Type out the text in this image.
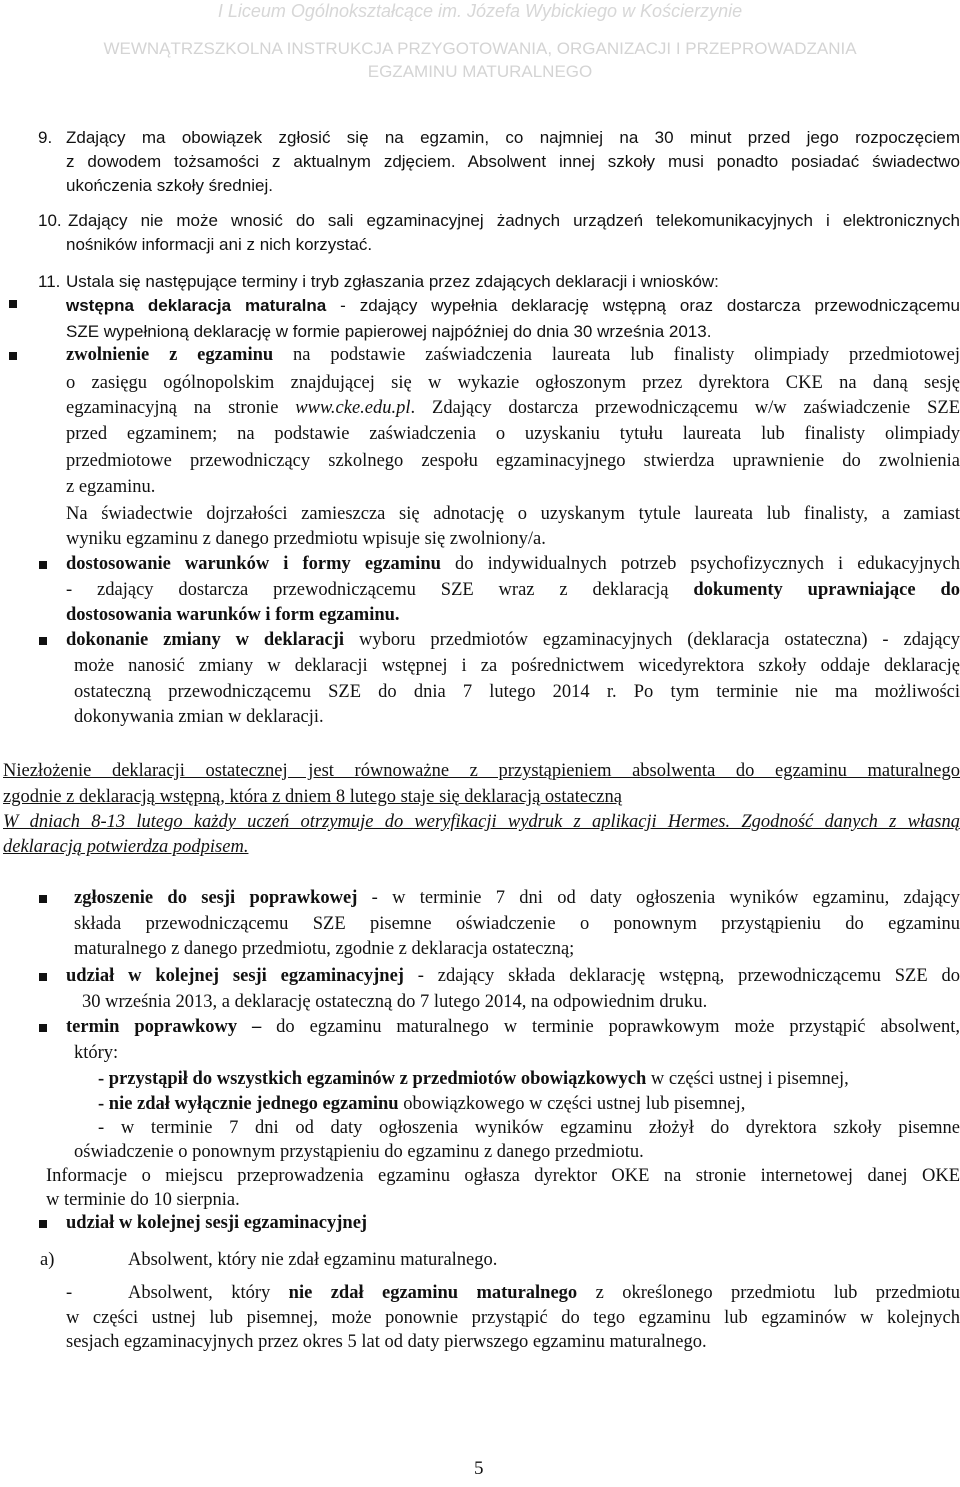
I Liceum Ogólnokształcące im. Józefa Wybickiego w Kościerzynie
WEWNĄTRZSZKOLNA INSTRUKCJA PRZYGOTOWANIA, ORGANIZACJI I PRZEPROWADZANIA
EGZAMINU MATURALNEGO
9. Zdający ma obowiązek zgłosić się na egzamin, co najmniej na 30 minut przed jego rozpoczęciem
z dowodem tożsamości z aktualnym zdjęciem. Absolwent innej szkoły musi ponadto posiadać świadectwo
ukończenia szkoły średniej.
10. Zdający nie może wnosić do sali egzaminacyjnej żadnych urządzeń telekomunikacyjnych i elektronicznych
nośników informacji ani z nich korzystać.
11. Ustala się następujące terminy i tryb zgłaszania przez zdających deklaracji i wniosków:
wstępna deklaracja maturalna - zdający wypełnia deklarację wstępną oraz dostarcza przewodniczącemu
SZE wypełnioną deklarację w formie papierowej najpóźniej do dnia 30 września 2013.
zwolnienie z egzaminu na podstawie zaświadczenia laureata lub finalisty olimpiady przedmiotowej
o zasięgu ogólnopolskim znajdującej się w wykazie ogłoszonym przez dyrektora CKE na daną sesję
egzaminacyjną na stronie www.cke.edu.pl. Zdający dostarcza przewodniczącemu w/w zaświadczenie SZE
przed egzaminem; na podstawie zaświadczenia o uzyskaniu tytułu laureata lub finalisty olimpiady
przedmiotowe przewodniczący szkolnego zespołu egzaminacyjnego stwierdza uprawnienie do zwolnienia
z egzaminu.
Na świadectwie dojrzałości zamieszcza się adnotację o uzyskanym tytule laureata lub finalisty, a zamiast
wyniku egzaminu z danego przedmiotu wpisuje się zwolniony/a.
dostosowanie warunków i formy egzaminu do indywidualnych potrzeb psychofizycznych i edukacyjnych
- zdający dostarcza przewodniczącemu SZE wraz z deklaracją dokumenty uprawniające do
dostosowania warunków i form egzaminu.
dokonanie zmiany w deklaracji wyboru przedmiotów egzaminacyjnych (deklaracja ostateczna) - zdający
może nanosić zmiany w deklaracji wstępnej i za pośrednictwem wicedyrektora szkoły oddaje deklarację
ostateczną przewodniczącemu SZE do dnia 7 lutego 2014 r. Po tym terminie nie ma możliwości
dokonywania zmian w deklaracji.
Niezłożenie deklaracji ostatecznej jest równoważne z przystąpieniem absolwenta do egzaminu maturalnego
zgodnie z deklaracją wstępną, która z dniem 8 lutego staje się deklaracją ostateczną
W dniach 8-13 lutego każdy uczeń otrzymuje do weryfikacji wydruk z aplikacji Hermes. Zgodność danych z własną
deklaracją potwierdza podpisem.
zgłoszenie do sesji poprawkowej - w terminie 7 dni od daty ogłoszenia wyników egzaminu, zdający
składa przewodniczącemu SZE pisemne oświadczenie o ponownym przystąpieniu do egzaminu
maturalnego z danego przedmiotu, zgodnie z deklaracja ostateczną;
udział w kolejnej sesji egzaminacyjnej - zdający składa deklarację wstępną, przewodniczącemu SZE do
30 września 2013, a deklarację ostateczną do 7 lutego 2014, na odpowiednim druku.
termin poprawkowy – do egzaminu maturalnego w terminie poprawkowym może przystąpić absolwent,
który:
- przystąpił do wszystkich egzaminów z przedmiotów obowiązkowych w części ustnej i pisemnej,
- nie zdał wyłącznie jednego egzaminu obowiązkowego w części ustnej lub pisemnej,
- w terminie 7 dni od daty ogłoszenia wyników egzaminu złożył do dyrektora szkoły pisemne
oświadczenie o ponownym przystąpieniu do egzaminu z danego przedmiotu.
Informacje o miejscu przeprowadzenia egzaminu ogłasza dyrektor OKE na stronie internetowej danej OKE
w terminie do 10 sierpnia.
udział w kolejnej sesji egzaminacyjnej
a)	Absolwent, który nie zdał egzaminu maturalnego.
-	Absolwent, który nie zdał egzaminu maturalnego z określonego przedmiotu lub przedmiotu
w części ustnej lub pisemnej, może ponownie przystąpić do tego egzaminu lub egzaminów w kolejnych
sesjach egzaminacyjnych przez okres 5 lat od daty pierwszego egzaminu maturalnego.
5
